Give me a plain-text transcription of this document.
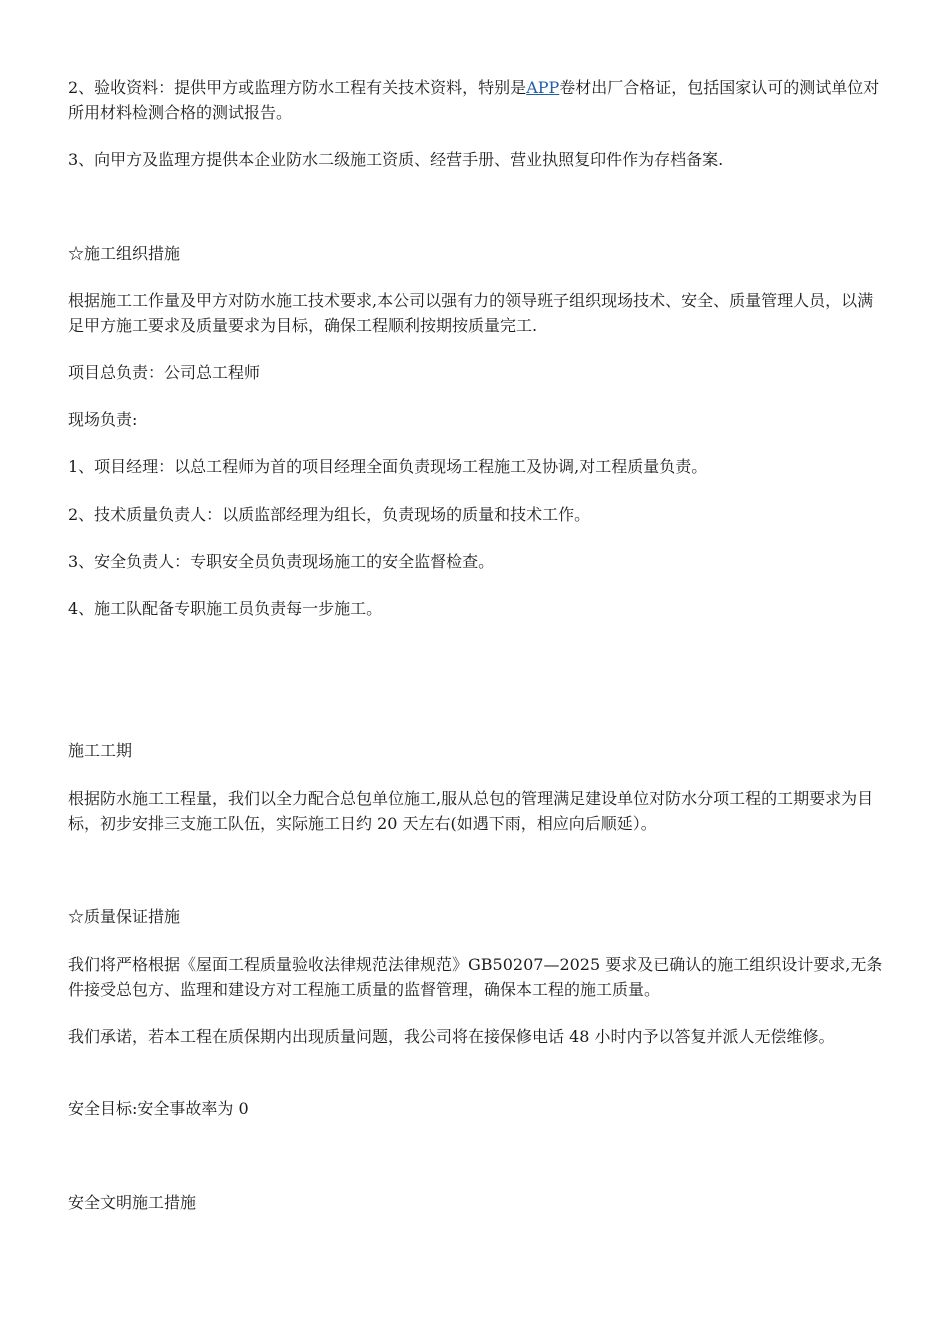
2、验收资料：提供甲方或监理方防水工程有关技术资料，特别是APP卷材出厂合格证，包括国家认可的测试单位对所用材料检测合格的测试报告。

3、向甲方及监理方提供本企业防水二级施工资质、经营手册、营业执照复印件作为存档备案.

☆施工组织措施

根据施工工作量及甲方对防水施工技术要求,本公司以强有力的领导班子组织现场技术、安全、质量管理人员，以满足甲方施工要求及质量要求为目标，确保工程顺利按期按质量完工.

项目总负责：公司总工程师

现场负责:

1、项目经理：以总工程师为首的项目经理全面负责现场工程施工及协调,对工程质量负责。

2、技术质量负责人：以质监部经理为组长，负责现场的质量和技术工作。

3、安全负责人：专职安全员负责现场施工的安全监督检查。

4、施工队配备专职施工员负责每一步施工。

施工工期

根据防水施工工程量，我们以全力配合总包单位施工,服从总包的管理满足建设单位对防水分项工程的工期要求为目标，初步安排三支施工队伍，实际施工日约 20 天左右(如遇下雨，相应向后顺延）。

☆质量保证措施

我们将严格根据《屋面工程质量验收法律规范法律规范》GB50207—2025 要求及已确认的施工组织设计要求,无条件接受总包方、监理和建设方对工程施工质量的监督管理，确保本工程的施工质量。

我们承诺，若本工程在质保期内出现质量问题，我公司将在接保修电话 48 小时内予以答复并派人无偿维修。

安全目标:安全事故率为 0

安全文明施工措施
